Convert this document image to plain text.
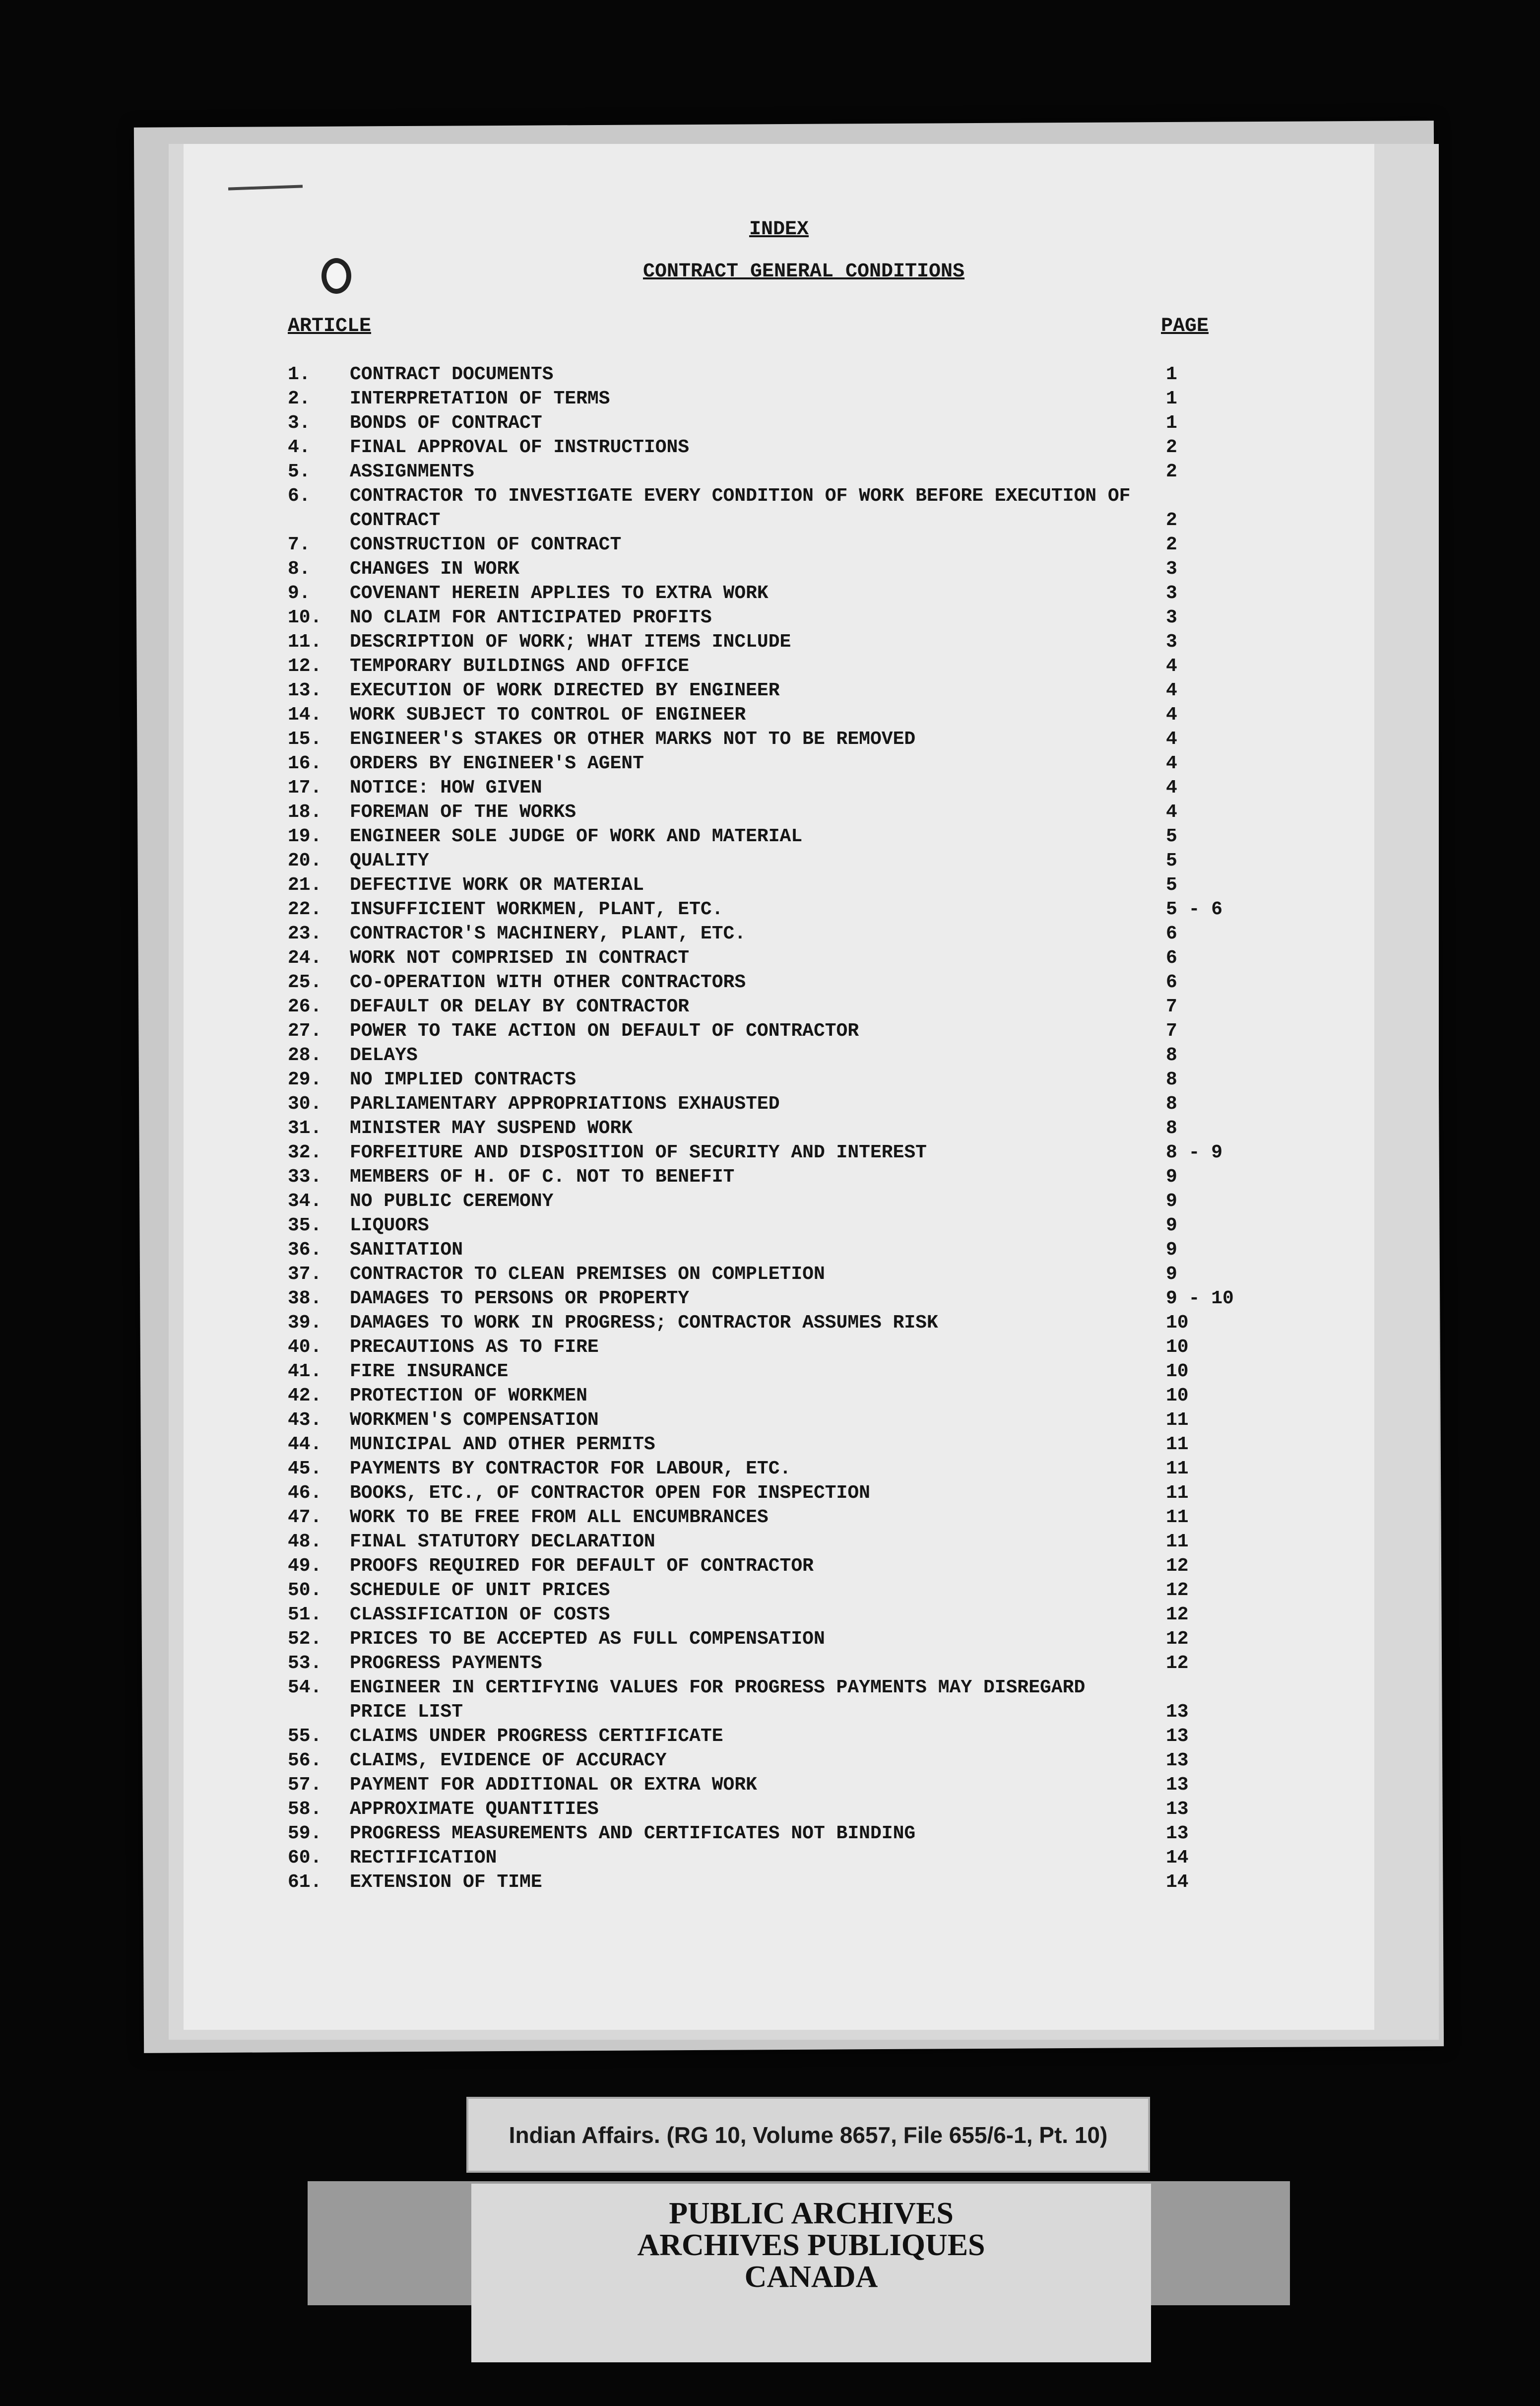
INDEX
CONTRACT GENERAL CONDITIONS
ARTICLE	PAGE
1.	CONTRACT DOCUMENTS	1
2.	INTERPRETATION OF TERMS	1
3.	BONDS OF CONTRACT	1
4.	FINAL APPROVAL OF INSTRUCTIONS	2
5.	ASSIGNMENTS	2
6.	CONTRACTOR TO INVESTIGATE EVERY CONDITION OF WORK BEFORE EXECUTION OF CONTRACT	2
7.	CONSTRUCTION OF CONTRACT	2
8.	CHANGES IN WORK	3
9.	COVENANT HEREIN APPLIES TO EXTRA WORK	3
10.	NO CLAIM FOR ANTICIPATED PROFITS	3
11.	DESCRIPTION OF WORK; WHAT ITEMS INCLUDE	3
12.	TEMPORARY BUILDINGS AND OFFICE	4
13.	EXECUTION OF WORK DIRECTED BY ENGINEER	4
14.	WORK SUBJECT TO CONTROL OF ENGINEER	4
15.	ENGINEER'S STAKES OR OTHER MARKS NOT TO BE REMOVED	4
16.	ORDERS BY ENGINEER'S AGENT	4
17.	NOTICE: HOW GIVEN	4
18.	FOREMAN OF THE WORKS	4
19.	ENGINEER SOLE JUDGE OF WORK AND MATERIAL	5
20.	QUALITY	5
21.	DEFECTIVE WORK OR MATERIAL	5
22.	INSUFFICIENT WORKMEN, PLANT, ETC.	5 - 6
23.	CONTRACTOR'S MACHINERY, PLANT, ETC.	6
24.	WORK NOT COMPRISED IN CONTRACT	6
25.	CO-OPERATION WITH OTHER CONTRACTORS	6
26.	DEFAULT OR DELAY BY CONTRACTOR	7
27.	POWER TO TAKE ACTION ON DEFAULT OF CONTRACTOR	7
28.	DELAYS	8
29.	NO IMPLIED CONTRACTS	8
30.	PARLIAMENTARY APPROPRIATIONS EXHAUSTED	8
31.	MINISTER MAY SUSPEND WORK	8
32.	FORFEITURE AND DISPOSITION OF SECURITY AND INTEREST	8 - 9
33.	MEMBERS OF H. OF C. NOT TO BENEFIT	9
34.	NO PUBLIC CEREMONY	9
35.	LIQUORS	9
36.	SANITATION	9
37.	CONTRACTOR TO CLEAN PREMISES ON COMPLETION	9
38.	DAMAGES TO PERSONS OR PROPERTY	9 - 10
39.	DAMAGES TO WORK IN PROGRESS; CONTRACTOR ASSUMES RISK	10
40.	PRECAUTIONS AS TO FIRE	10
41.	FIRE INSURANCE	10
42.	PROTECTION OF WORKMEN	10
43.	WORKMEN'S COMPENSATION	11
44.	MUNICIPAL AND OTHER PERMITS	11
45.	PAYMENTS BY CONTRACTOR FOR LABOUR, ETC.	11
46.	BOOKS, ETC., OF CONTRACTOR OPEN FOR INSPECTION	11
47.	WORK TO BE FREE FROM ALL ENCUMBRANCES	11
48.	FINAL STATUTORY DECLARATION	11
49.	PROOFS REQUIRED FOR DEFAULT OF CONTRACTOR	12
50.	SCHEDULE OF UNIT PRICES	12
51.	CLASSIFICATION OF COSTS	12
52.	PRICES TO BE ACCEPTED AS FULL COMPENSATION	12
53.	PROGRESS PAYMENTS	12
54.	ENGINEER IN CERTIFYING VALUES FOR PROGRESS PAYMENTS MAY DISREGARD PRICE LIST	13
55.	CLAIMS UNDER PROGRESS CERTIFICATE	13
56.	CLAIMS, EVIDENCE OF ACCURACY	13
57.	PAYMENT FOR ADDITIONAL OR EXTRA WORK	13
58.	APPROXIMATE QUANTITIES	13
59.	PROGRESS MEASUREMENTS AND CERTIFICATES NOT BINDING	13
60.	RECTIFICATION	14
61.	EXTENSION OF TIME	14
PUBLIC ARCHIVES
ARCHIVES PUBLIQUES
CANADA
Indian Affairs. (RG 10, Volume 8657, File 655/6-1, Pt. 10)
